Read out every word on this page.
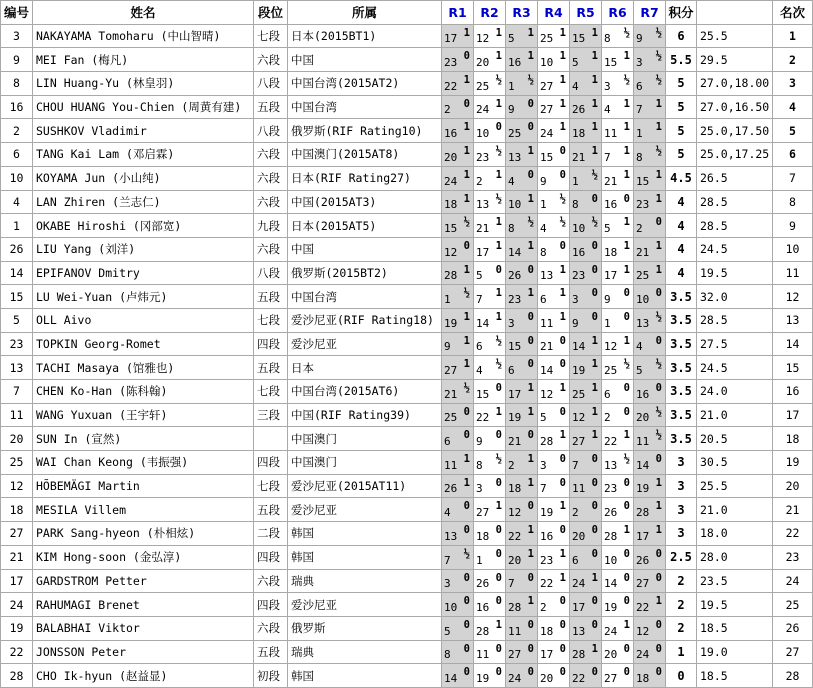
编号	姓名	段位	所属	R1	R2	R3	R4	R5	R6	R7	积分		名次
3	NAKAYAMA Tomoharu (中山智晴)	七段	日本(2015BT1)	17 1	12 1	5 1	25 1	15 1	8 ½	9 ½	6	25.5	1
9	MEI Fan (梅凡)	六段	中国	23 0	20 1	16 1	10 1	5 1	15 1	3 ½	5.5	29.5	2
8	LIN Huang-Yu (林皇羽)	八段	中国台湾(2015AT2)	22 1	25 ½	1 ½	27 1	4 1	3 ½	6 ½	5	27.0,18.00	3
16	CHOU HUANG You-Chien (周黄有建)	五段	中国台湾	2 0	24 1	9 0	27 1	26 1	4 1	7 1	5	27.0,16.50	4
2	SUSHKOV Vladimir	八段	俄罗斯(RIF Rating10)	16 1	10 0	25 0	24 1	18 1	11 1	1 1	5	25.0,17.50	5
6	TANG Kai Lam (邓启霖)	六段	中国澳门(2015AT8)	20 1	23 ½	13 1	15 0	21 1	7 1	8 ½	5	25.0,17.25	6
10	KOYAMA Jun (小山纯)	六段	日本(RIF Rating27)	24 1	2 1	4 0	9 0	1 ½	21 1	15 1	4.5	26.5	7
4	LAN Zhiren (兰志仁)	六段	中国(2015AT3)	18 1	13 ½	10 1	1 ½	8 0	16 0	23 1	4	28.5	8
1	OKABE Hiroshi (冈部宽)	九段	日本(2015AT5)	15 ½	21 1	8 ½	4 ½	10 ½	5 1	2 0	4	28.5	9
26	LIU Yang (刘洋)	六段	中国	12 0	17 1	14 1	8 0	16 0	18 1	21 1	4	24.5	10
14	EPIFANOV Dmitry	八段	俄罗斯(2015BT2)	28 1	5 0	26 0	13 1	23 0	17 1	25 1	4	19.5	11
15	LU Wei-Yuan (卢炜元)	五段	中国台湾	1 ½	7 1	23 1	6 1	3 0	9 0	10 0	3.5	32.0	12
5	OLL Aivo	七段	爱沙尼亚(RIF Rating18)	19 1	14 1	3 0	11 1	9 0	1 0	13 ½	3.5	28.5	13
23	TOPKIN Georg-Romet	四段	爱沙尼亚	9 1	6 ½	15 0	21 0	14 1	12 1	4 0	3.5	27.5	14
13	TACHI Masaya (馆雅也)	五段	日本	27 1	4 ½	6 0	14 0	19 1	25 ½	5 ½	3.5	24.5	15
7	CHEN Ko-Han (陈科翰)	七段	中国台湾(2015AT6)	21 ½	15 0	17 1	12 1	25 1	6 0	16 0	3.5	24.0	16
11	WANG Yuxuan (王宇轩)	三段	中国(RIF Rating39)	25 0	22 1	19 1	5 0	12 1	2 0	20 ½	3.5	21.0	17
20	SUN In (宣然)		中国澳门	6 0	9 0	21 0	28 1	27 1	22 1	11 ½	3.5	20.5	18
25	WAI Chan Keong (韦振强)	四段	中国澳门	11 1	8 ½	2 1	3 0	7 0	13 ½	14 0	3	30.5	19
12	HÕBEMÄGI Martin	七段	爱沙尼亚(2015AT11)	26 1	3 0	18 1	7 0	11 0	23 0	19 1	3	25.5	20
18	MESILA Villem	五段	爱沙尼亚	4 0	27 1	12 0	19 1	2 0	26 0	28 1	3	21.0	21
27	PARK Sang-hyeon (朴相炫)	二段	韩国	13 0	18 0	22 1	16 0	20 0	28 1	17 1	3	18.0	22
21	KIM Hong-soon (金弘淳)	四段	韩国	7 ½	1 0	20 1	23 1	6 0	10 0	26 0	2.5	28.0	23
17	GARDSTROM Petter	六段	瑞典	3 0	26 0	7 0	22 1	24 1	14 0	27 0	2	23.5	24
24	RAHUMAGI Brenet	四段	爱沙尼亚	10 0	16 0	28 1	2 0	17 0	19 0	22 1	2	19.5	25
19	BALABHAI Viktor	六段	俄罗斯	5 0	28 1	11 0	18 0	13 0	24 1	12 0	2	18.5	26
22	JONSSON Peter	五段	瑞典	8 0	11 0	27 0	17 0	28 1	20 0	24 0	1	19.0	27
28	CHO Ik-hyun (赵益显)	初段	韩国	14 0	19 0	24 0	20 0	22 0	27 0	18 0	0	18.5	28
